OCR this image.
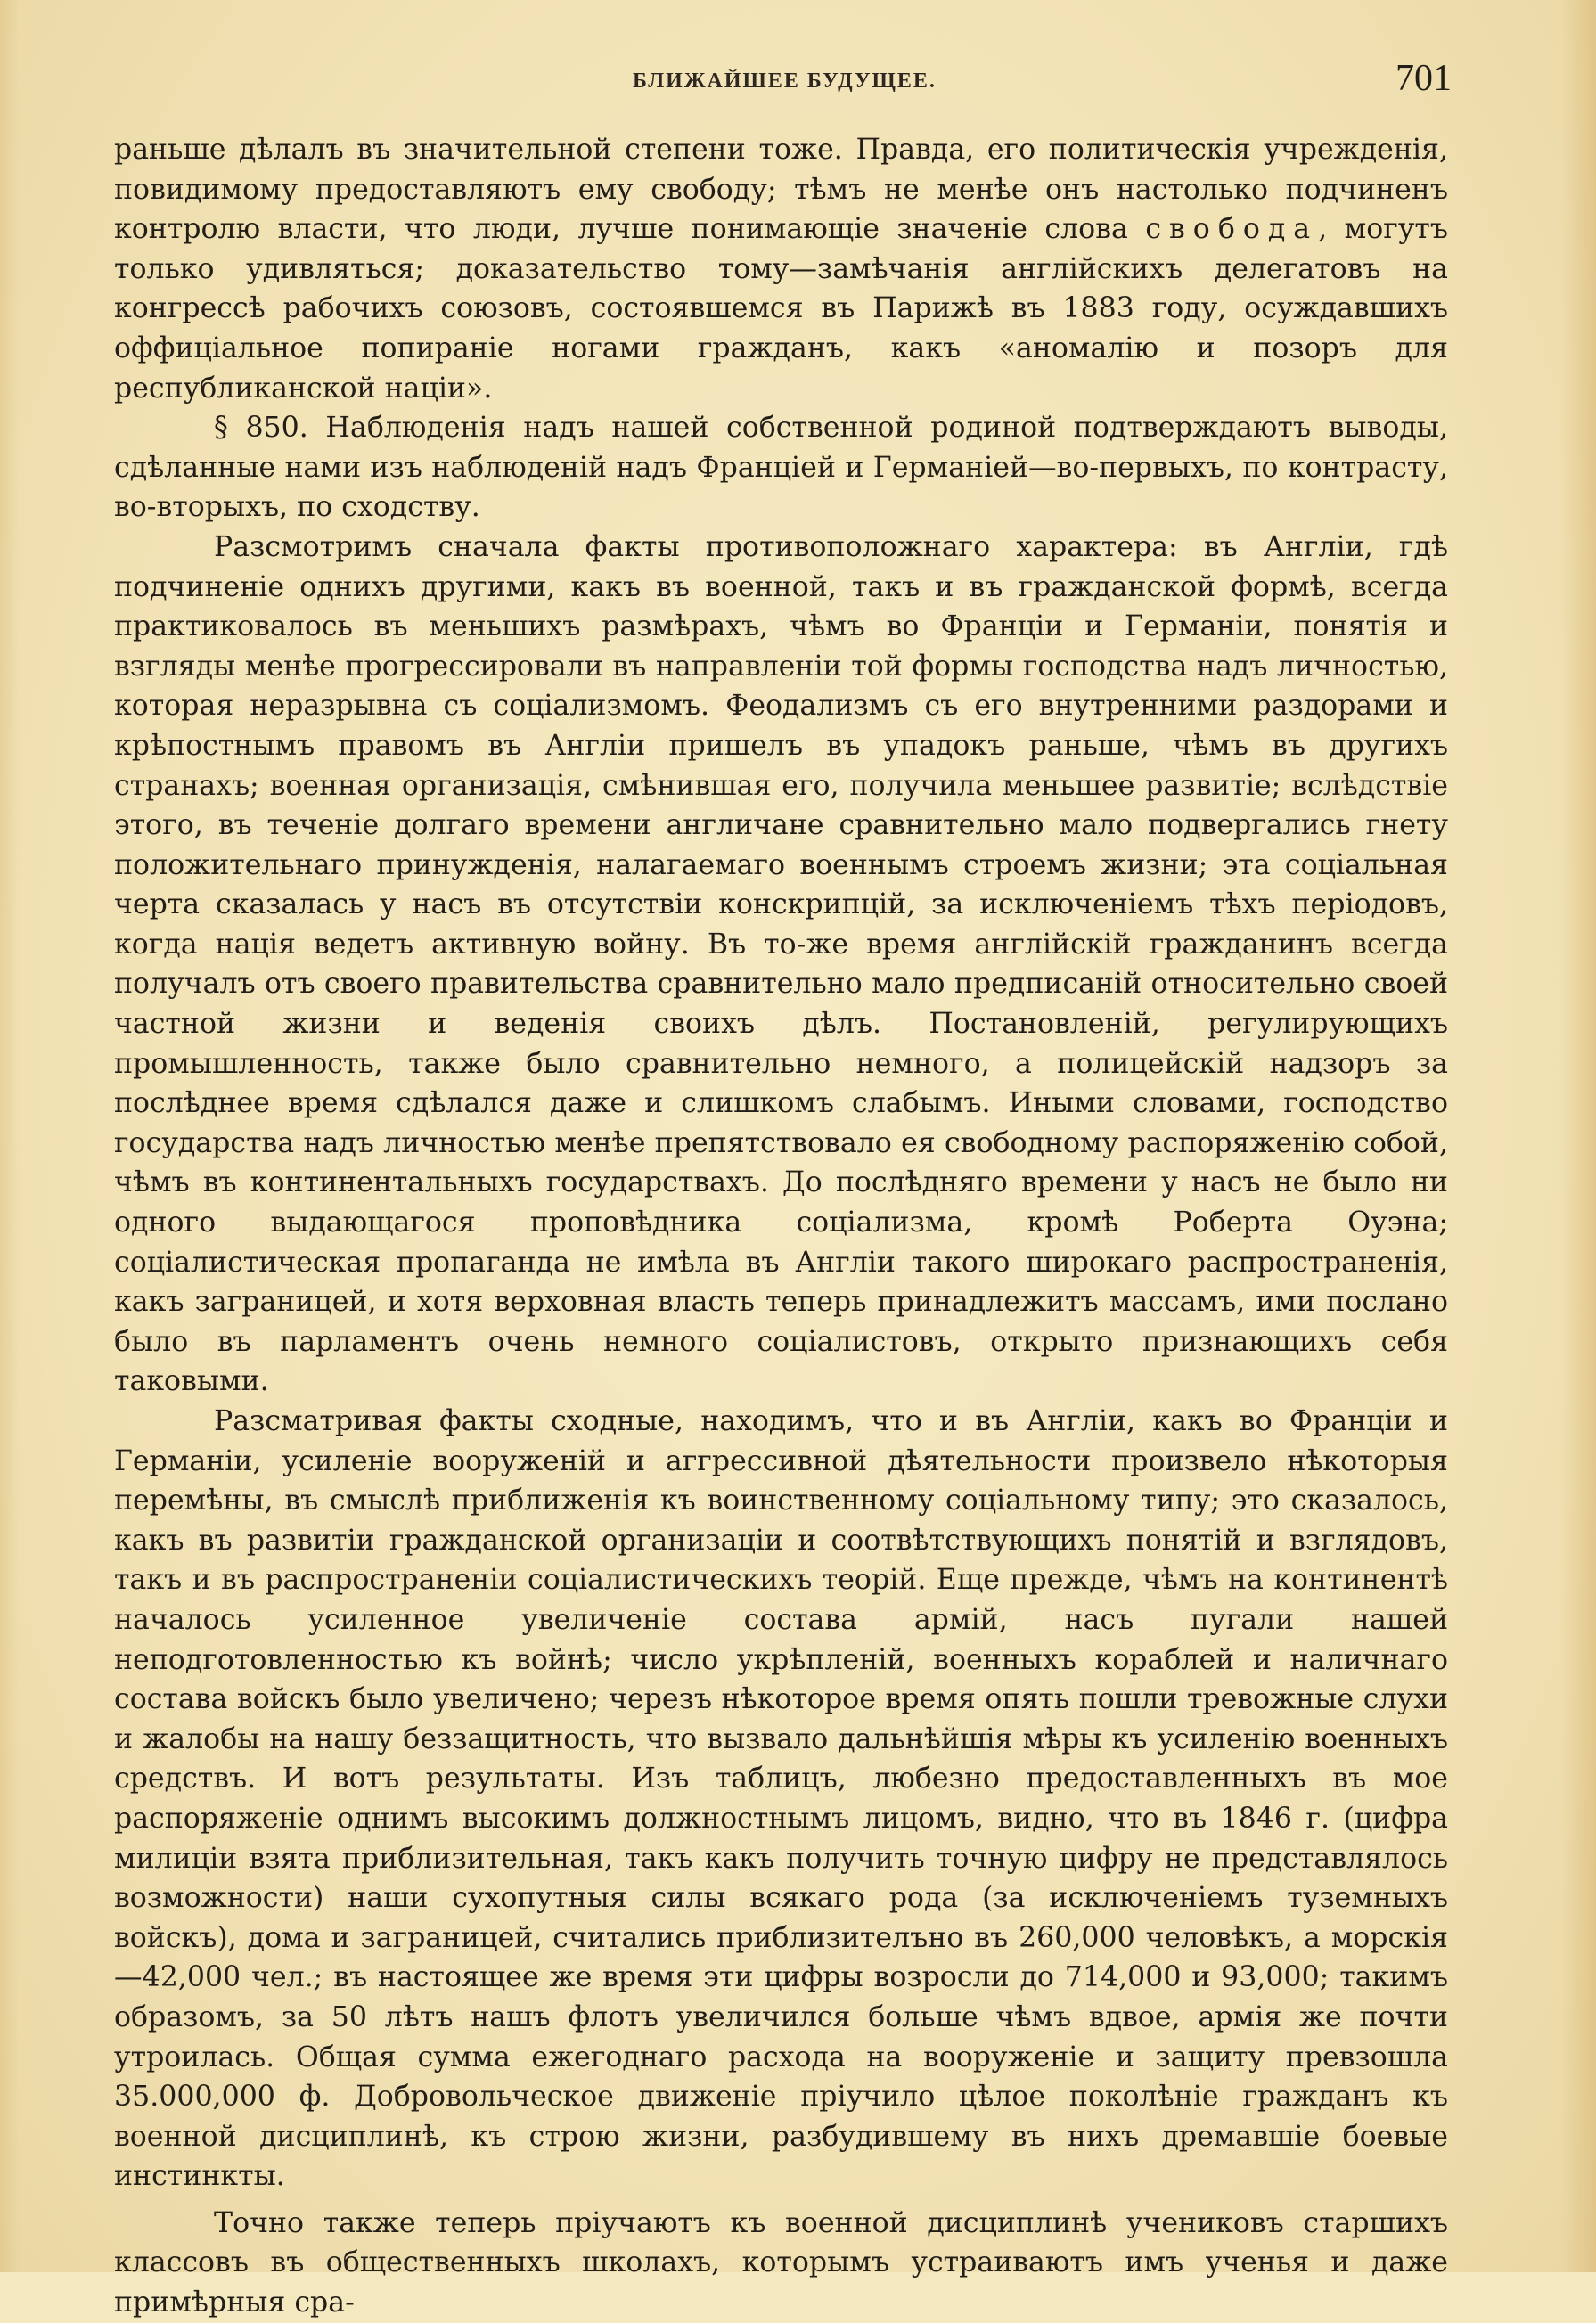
БЛИЖАЙШЕЕ БУДУЩЕЕ.	701

раньше дѣлалъ въ значительной степени тоже. Правда, его политическія учрежденія, повидимому предоставляютъ ему свободу; тѣмъ не менѣе онъ настолько подчиненъ контролю власти, что люди, лучше понимающіе значеніе слова свобода, могутъ только удивляться; доказательство тому—замѣчанія англійскихъ делегатовъ на конгрессѣ рабочихъ союзовъ, состоявшемся въ Парижѣ въ 1883 году, осуждавшихъ оффиціальное попираніе ногами гражданъ, какъ «аномалію и позоръ для республиканской націи».

§ 850. Наблюденія надъ нашей собственной родиной подтверждаютъ выводы, сдѣланные нами изъ наблюденій надъ Франціей и Германіей—во-первыхъ, по контрасту, во-вторыхъ, по сходству.

Разсмотримъ сначала факты противоположнаго характера: въ Англіи, гдѣ подчиненіе однихъ другими, какъ въ военной, такъ и въ гражданской формѣ, всегда практиковалось въ меньшихъ размѣрахъ, чѣмъ во Франціи и Германіи, понятія и взгляды менѣе прогрессировали въ направленіи той формы господства надъ личностью, которая неразрывна съ соціализмомъ. Феодализмъ съ его внутренними раздорами и крѣпостнымъ правомъ въ Англіи пришелъ въ упадокъ раньше, чѣмъ въ другихъ странахъ; военная организація, смѣнившая его, получила меньшее развитіе; вслѣдствіе этого, въ теченіе долгаго времени англичане сравнительно мало подвергались гнету положительнаго принужденія, налагаемаго военнымъ строемъ жизни; эта соціальная черта сказалась у насъ въ отсутствіи конскрипцій, за исключеніемъ тѣхъ періодовъ, когда нація ведетъ активную войну. Въ то-же время англійскій гражданинъ всегда получалъ отъ своего правительства сравнительно мало предписаній относительно своей частной жизни и веденія своихъ дѣлъ. Постановленій, регулирующихъ промышленность, также было сравнительно немного, а полицейскій надзоръ за послѣднее время сдѣлался даже и слишкомъ слабымъ. Иными словами, господство государства надъ личностью менѣе препятствовало ея свободному распоряженію собой, чѣмъ въ континентальныхъ государствахъ. До послѣдняго времени у насъ не было ни одного выдающагося проповѣдника соціализма, кромѣ Роберта Оуэна; соціалистическая пропаганда не имѣла въ Англіи такого широкаго распространенія, какъ заграницей, и хотя верховная власть теперь принадлежитъ массамъ, ими послано было въ парламентъ очень немного соціалистовъ, открыто признающихъ себя таковыми.

Разсматривая факты сходные, находимъ, что и въ Англіи, какъ во Франціи и Германіи, усиленіе вооруженій и аггрессивной дѣятельности произвело нѣкоторыя перемѣны, въ смыслѣ приближенія къ воинственному соціальному типу; это сказалось, какъ въ развитіи гражданской организаціи и соотвѣтствующихъ понятій и взглядовъ, такъ и въ распространеніи соціалистическихъ теорій. Еще прежде, чѣмъ на континентѣ началось усиленное увеличеніе состава армій, насъ пугали нашей неподготовленностью къ войнѣ; число укрѣпленій, военныхъ кораблей и наличнаго состава войскъ было увеличено; черезъ нѣкоторое время опять пошли тревожные слухи и жалобы на нашу беззащитность, что вызвало дальнѣйшія мѣры къ усиленію военныхъ средствъ. И вотъ результаты. Изъ таблицъ, любезно предоставленныхъ въ мое распоряженіе однимъ высокимъ должностнымъ лицомъ, видно, что въ 1846 г. (цифра милиціи взята приблизительная, такъ какъ получить точную цифру не представлялось возможности) наши сухопутныя силы всякаго рода (за исключеніемъ туземныхъ войскъ), дома и заграницей, считались приблизителъно въ 260,000 человѣкъ, а морскія—42,000 чел.; въ настоящее же время эти цифры возросли до 714,000 и 93,000; такимъ образомъ, за 50 лѣтъ нашъ флотъ увеличился больше чѣмъ вдвое, армія же почти утроилась. Общая сумма ежегоднаго расхода на вооруженіе и защиту превзошла 35.000,000 ф. Добровольческое движеніе пріучило цѣлое поколѣніе гражданъ къ военной дисциплинѣ, къ строю жизни, разбудившему въ нихъ дремавшіе боевые инстинкты.

Точно также теперь пріучаютъ къ военной дисциплинѣ учениковъ старшихъ классовъ въ общественныхъ школахъ, которымъ устраиваютъ имъ ученья и даже примѣрныя сра-
